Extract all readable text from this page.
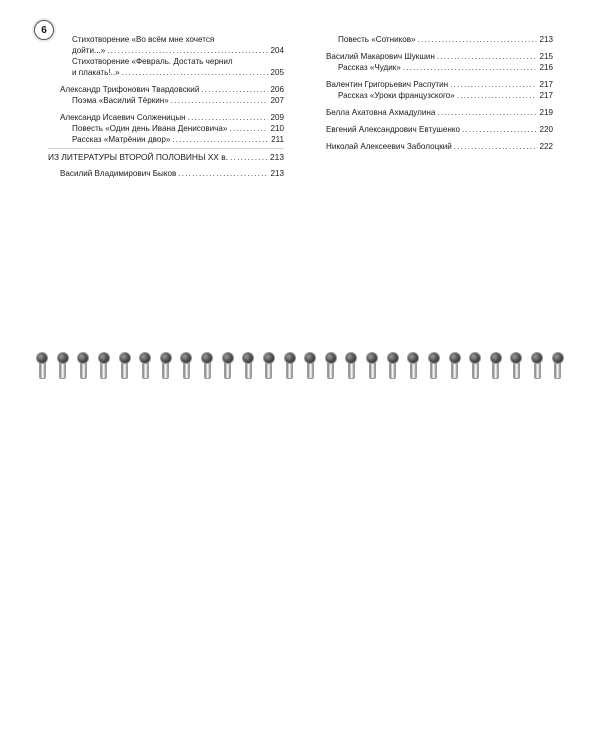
6
Стихотворение «Во всём мне хочется
дойти...» .....	204
Стихотворение «Февраль. Достать чернил
и плакать!..» .....	205
Александр Трифонович Твардовский .....	206
Поэма «Василий Тёркин» .....	207
Александр Исаевич Солженицын .....	209
Повесть «Один день Ивана Денисовича» .....	210
Рассказ «Матрёнин двор» .....	211
ИЗ ЛИТЕРАТУРЫ ВТОРОЙ ПОЛОВИНЫ XX в. .....	213
Василий Владимирович Быков .....	213
Повесть «Сотников» .....	213
Василий Макарович Шукшин .....	215
Рассказ «Чудик» .....	216
Валентин Григорьевич Распутин .....	217
Рассказ «Уроки французского» .....	217
Белла Ахатовна Ахмадулина .....	219
Евгений Александрович Евтушенко .....	220
Николай Алексеевич Заболоцкий .....	222
